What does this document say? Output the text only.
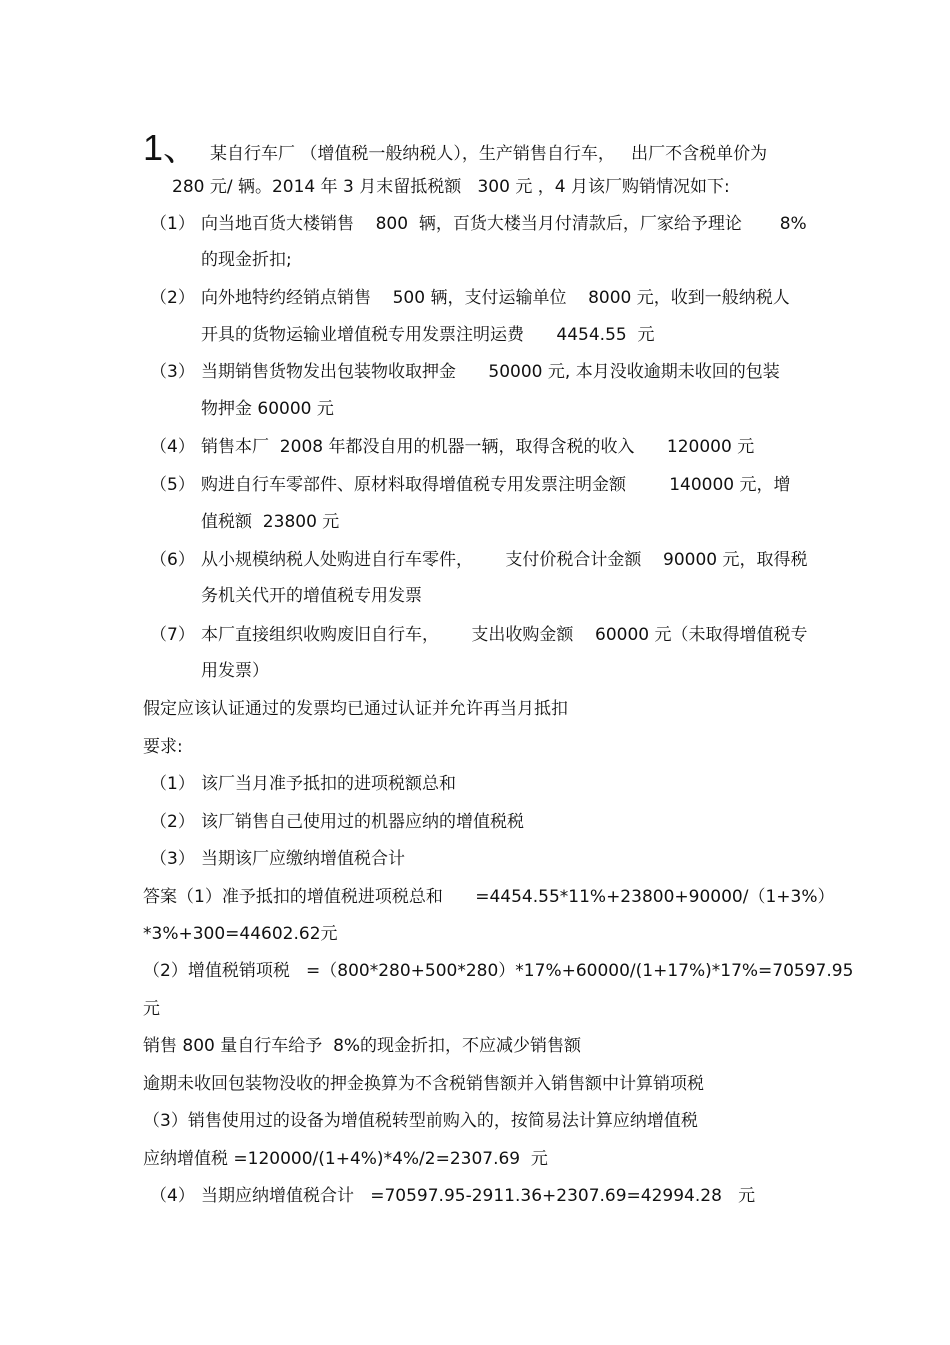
1、 某自行车厂 （增值税一般纳税人），生产销售自行车，   出厂不含税单价为
280 元/ 辆。2014 年 3 月末留抵税额   300 元 ，4 月该厂购销情况如下:
（1） 向当地百货大楼销售    800  辆，百货大楼当月付清款后，厂家给予理论       8%
的现金折扣;
（2） 向外地特约经销点销售    500 辆，支付运输单位    8000 元，收到一般纳税人
开具的货物运输业增值税专用发票注明运费      4454.55  元
（3） 当期销售货物发出包装物收取押金      50000 元, 本月没收逾期未收回的包装
物押金 60000 元
（4） 销售本厂  2008 年都没自用的机器一辆，取得含税的收入      120000 元
（5） 购进自行车零部件、原材料取得增值税专用发票注明金额        140000 元，增
值税额  23800 元
（6） 从小规模纳税人处购进自行车零件，      支付价税合计金额    90000 元，取得税
务机关代开的增值税专用发票
（7） 本厂直接组织收购废旧自行车，      支出收购金额    60000 元（未取得增值税专
用发票）
假定应该认证通过的发票均已通过认证并允许再当月抵扣
要求:
（1） 该厂当月准予抵扣的进项税额总和
（2） 该厂销售自己使用过的机器应纳的增值税税
（3） 当期该厂应缴纳增值税合计
答案（1）准予抵扣的增值税进项税总和      =4454.55*11%+23800+90000/（1+3%）
*3%+300=44602.62元
（2）增值税销项税   =（800*280+500*280）*17%+60000/(1+17%)*17%=70597.95
元
销售 800 量自行车给予  8%的现金折扣，不应减少销售额
逾期未收回包装物没收的押金换算为不含税销售额并入销售额中计算销项税
（3）销售使用过的设备为增值税转型前购入的，按简易法计算应纳增值税
应纳增值税 =120000/(1+4%)*4%/2=2307.69  元
（4） 当期应纳增值税合计   =70597.95-2911.36+2307.69=42994.28   元
